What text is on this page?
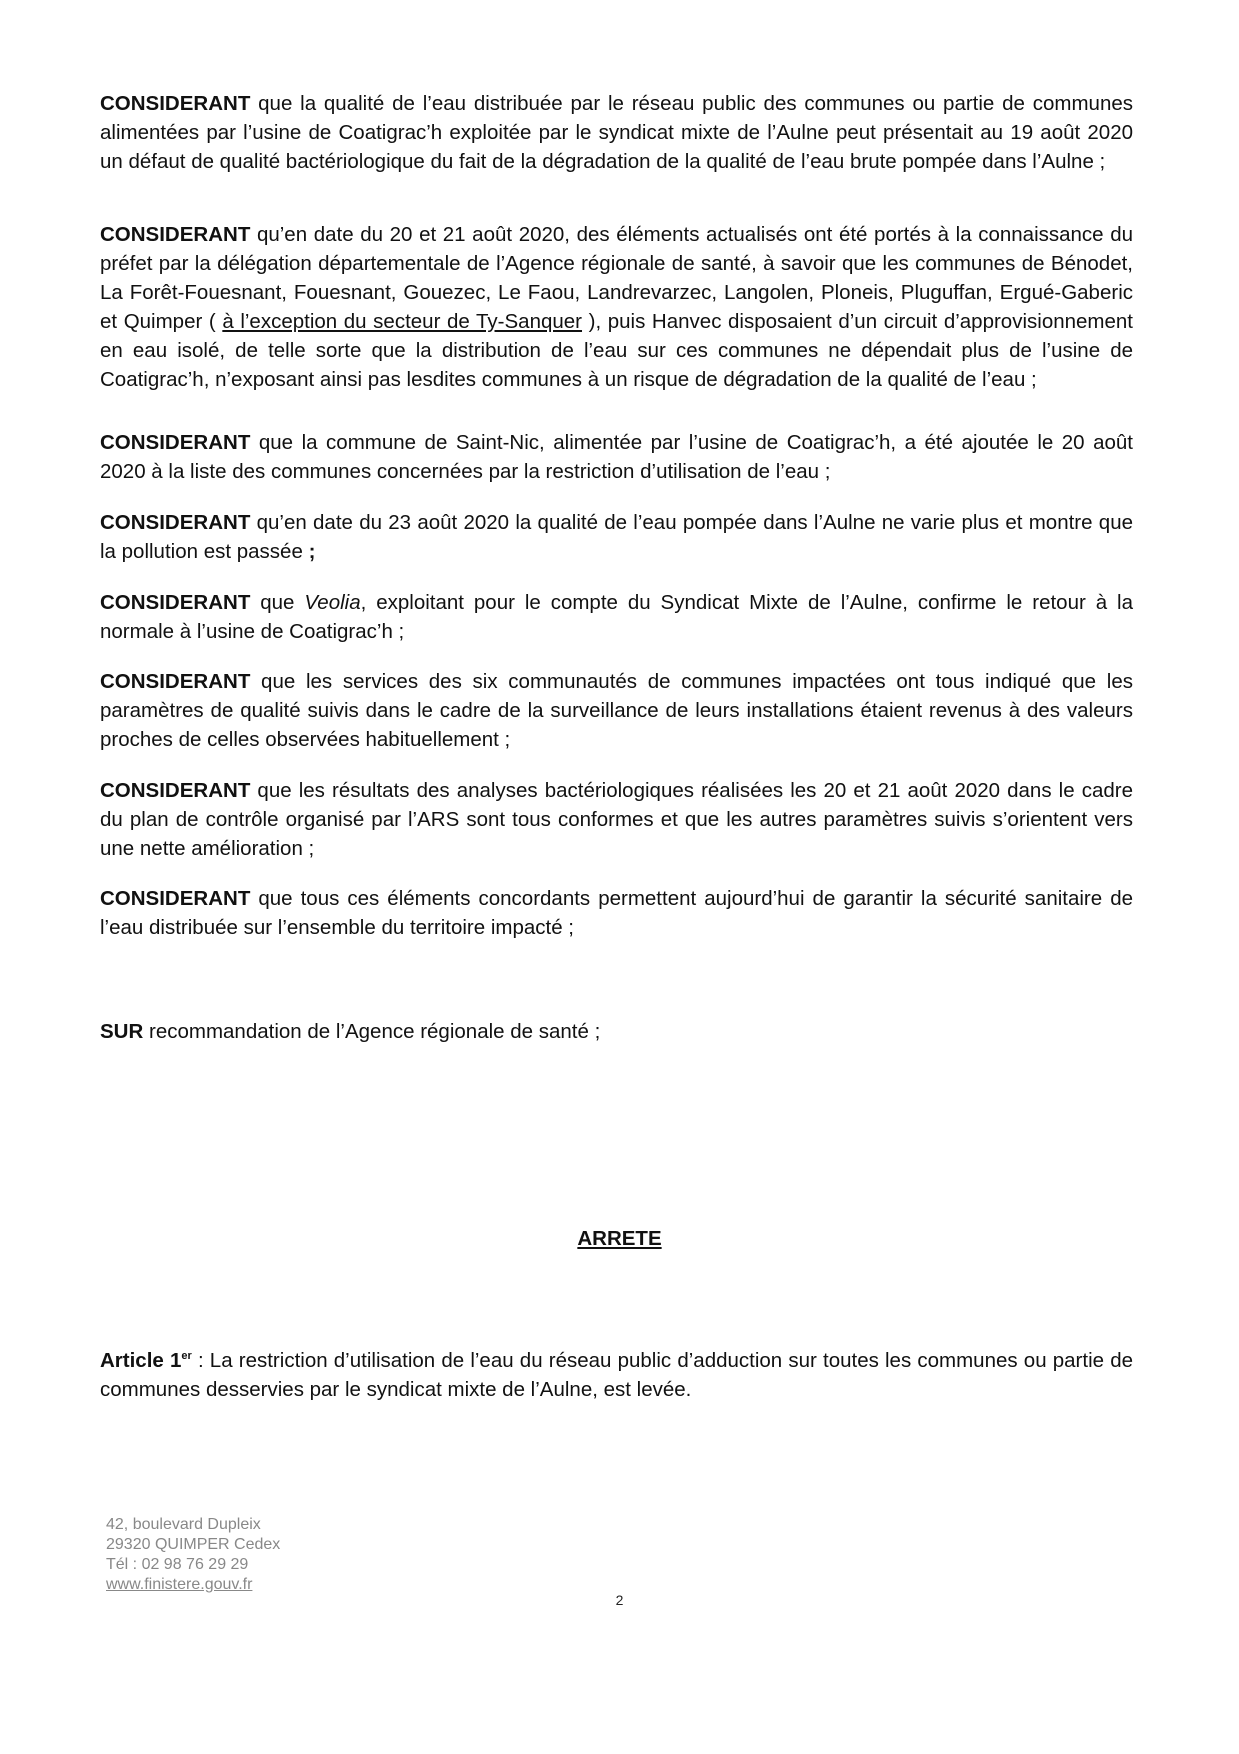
CONSIDERANT que la qualité de l’eau distribuée par le réseau public des communes ou partie de communes alimentées par l’usine de Coatigrac’h exploitée par le syndicat mixte de l’Aulne peut présentait au 19 août 2020 un défaut de qualité bactériologique du fait de la dégradation de la qualité de l’eau brute pompée dans l’Aulne ;

CONSIDERANT qu’en date du 20 et 21 août 2020, des éléments actualisés ont été portés à la connaissance du préfet par la délégation départementale de l’Agence régionale de santé, à savoir que les communes de Bénodet, La Forêt-Fouesnant, Fouesnant, Gouezec, Le Faou, Landrevarzec, Langolen, Ploneis, Pluguffan, Ergué-Gaberic et Quimper ( à l’exception du secteur de Ty-Sanquer ), puis Hanvec disposaient d’un circuit d’approvisionnement en eau isolé, de telle sorte que la distribution de l’eau sur ces communes ne dépendait plus de l’usine de Coatigrac’h, n’exposant ainsi pas lesdites communes à un risque de dégradation de la qualité de l’eau ;

CONSIDERANT que la commune de Saint-Nic, alimentée par l’usine de Coatigrac’h, a été ajoutée le 20 août 2020 à la liste des communes concernées par la restriction d’utilisation de l’eau ;

CONSIDERANT qu’en date du 23 août 2020 la qualité de l’eau pompée dans l’Aulne ne varie plus et montre que la pollution est passée ;

CONSIDERANT que Veolia, exploitant pour le compte du Syndicat Mixte de l’Aulne, confirme le retour à la normale à l’usine de Coatigrac’h ;

CONSIDERANT que les services des six communautés de communes impactées ont tous indiqué que les paramètres de qualité suivis dans le cadre de la surveillance de leurs installations étaient revenus à des valeurs proches de celles observées habituellement ;

CONSIDERANT que les résultats des analyses bactériologiques réalisées les 20 et 21 août 2020 dans le cadre du plan de contrôle organisé par l’ARS sont tous conformes et que les autres paramètres suivis s’orientent vers une nette amélioration ;

CONSIDERANT que tous ces éléments concordants permettent aujourd’hui de garantir la sécurité sanitaire de l’eau distribuée sur l’ensemble du territoire impacté ;

SUR recommandation de l’Agence régionale de santé ;

ARRETE

Article 1er : La restriction d’utilisation de l’eau du réseau public d’adduction sur toutes les communes ou partie de communes desservies par le syndicat mixte de l’Aulne, est levée.

42, boulevard Dupleix
29320 QUIMPER Cedex
Tél : 02 98 76 29 29
www.finistere.gouv.fr
2
